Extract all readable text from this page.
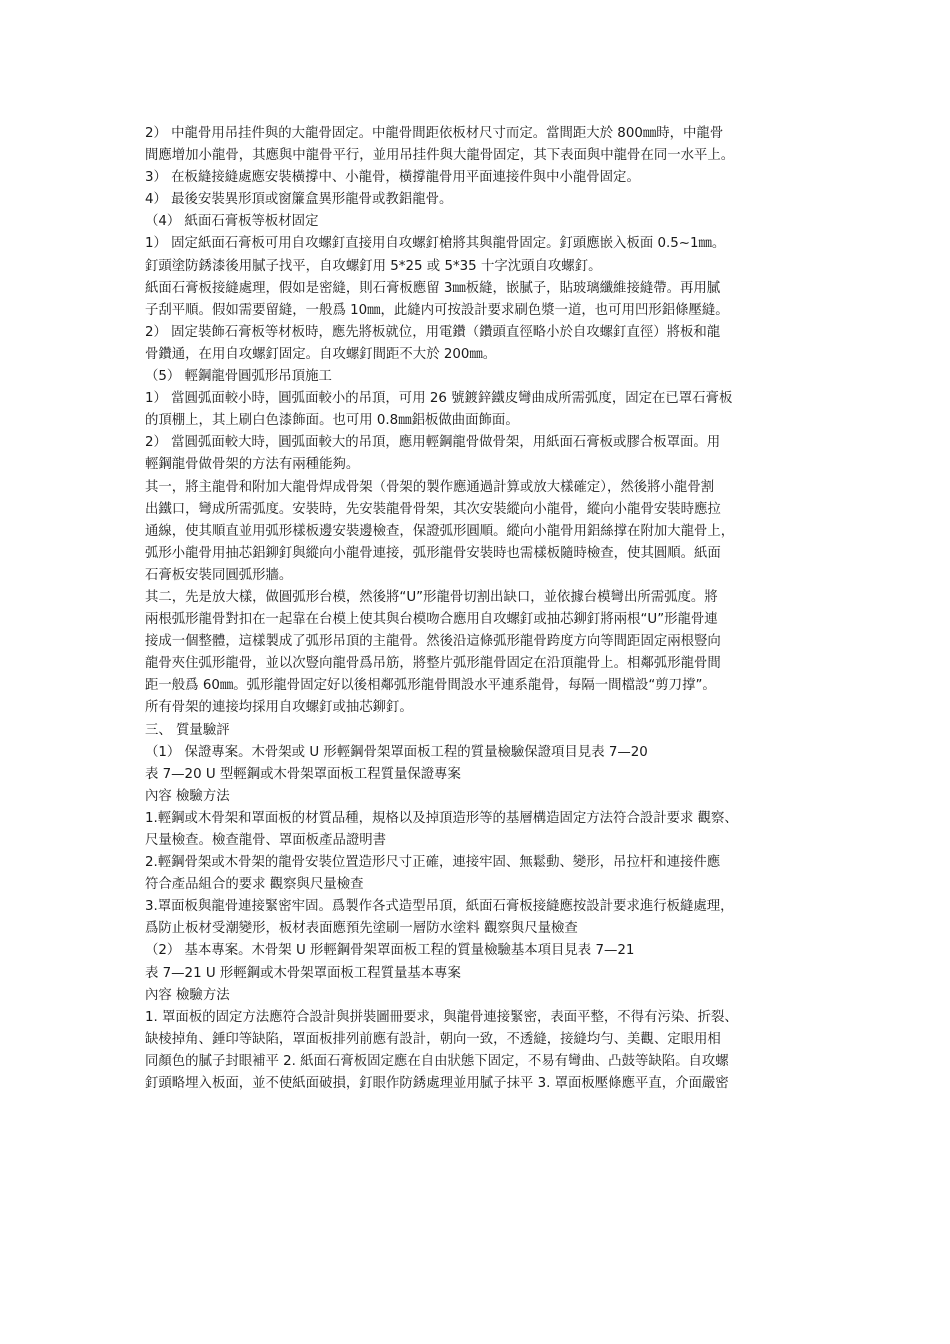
2） 中龍骨用吊挂件與的大龍骨固定。中龍骨間距依板材尺寸而定。當間距大於 800㎜時，中龍骨
間應增加小龍骨，其應與中龍骨平行，並用吊挂件與大龍骨固定，其下表面與中龍骨在同一水平上。
3） 在板縫接縫處應安裝橫撐中、小龍骨，橫撐龍骨用平面連接件與中小龍骨固定。
4） 最後安裝異形頂或窗簾盒異形龍骨或教鋁龍骨。
（4） 紙面石膏板等板材固定
1） 固定紙面石膏板可用自攻螺釘直接用自攻螺釘槍將其與龍骨固定。釘頭應嵌入板面 0.5~1㎜。
釘頭塗防銹漆後用膩子找平，自攻螺釘用 5*25 或 5*35 十字沈頭自攻螺釘。
紙面石膏板接縫處理，假如是密縫，則石膏板應留 3㎜板縫，嵌膩子，貼玻璃纖維接縫帶。再用膩
子刮平順。假如需要留縫，一般爲 10㎜，此縫内可按設計要求刷色漿一道，也可用凹形鋁條壓縫。
2） 固定裝飾石膏板等材板時，應先將板就位，用電鑽（鑽頭直徑略小於自攻螺釘直徑）將板和龍
骨鑽通，在用自攻螺釘固定。自攻螺釘間距不大於 200㎜。
（5） 輕鋼龍骨圓弧形吊頂施工
1） 當圓弧面較小時，圓弧面較小的吊頂，可用 26 號鍍鋅鐵皮彎曲成所需弧度，固定在已罩石膏板
的頂棚上，其上刷白色漆飾面。也可用 0.8㎜鋁板做曲面飾面。
2） 當圓弧面較大時，圓弧面較大的吊頂，應用輕鋼龍骨做骨架，用紙面石膏板或膠合板罩面。用
輕鋼龍骨做骨架的方法有兩種能夠。
其一，將主龍骨和附加大龍骨焊成骨架（骨架的製作應通過計算或放大樣確定），然後將小龍骨割
出鐵口，彎成所需弧度。安裝時，先安裝龍骨骨架，其次安裝縱向小龍骨，縱向小龍骨安裝時應拉
通線，使其順直並用弧形樣板邊安裝邊檢查，保證弧形圓順。縱向小龍骨用鋁絲撑在附加大龍骨上，
弧形小龍骨用抽芯鋁鉚釘與縱向小龍骨連接，弧形龍骨安裝時也需樣板隨時檢查，使其圓順。紙面
石膏板安裝同圓弧形牆。
其二，先是放大樣，做圓弧形台模，然後將“U”形龍骨切割出缺口，並依據台模彎出所需弧度。將
兩根弧形龍骨對扣在一起靠在台模上使其與台模吻合應用自攻螺釘或抽芯鉚釘將兩根“U”形龍骨連
接成一個整體，這樣製成了弧形吊頂的主龍骨。然後沿這條弧形龍骨跨度方向等間距固定兩根豎向
龍骨夾住弧形龍骨，並以次豎向龍骨爲吊筋，將整片弧形龍骨固定在沿頂龍骨上。相鄰弧形龍骨間
距一般爲 60㎜。弧形龍骨固定好以後相鄰弧形龍骨間設水平連系龍骨，每隔一間檔設“剪刀撑”。
所有骨架的連接均採用自攻螺釘或抽芯鉚釘。
三、 質量驗評
（1） 保證專案。木骨架或 U 形輕鋼骨架罩面板工程的質量檢驗保證項目見表 7—20
表 7—20 U 型輕鋼或木骨架罩面板工程質量保證專案
內容 檢驗方法
1.輕鋼或木骨架和罩面板的材質品種，規格以及掉頂造形等的基層構造固定方法符合設計要求 觀察、
尺量檢查。檢查龍骨、罩面板產品證明書
2.輕鋼骨架或木骨架的龍骨安裝位置造形尺寸正確，連接牢固、無鬆動、變形，吊拉杆和連接件應
符合產品組合的要求 觀察與尺量檢查
3.罩面板與龍骨連接緊密牢固。爲製作各式造型吊頂，紙面石膏板接縫應按設計要求進行板縫處理，
爲防止板材受潮變形，板材表面應預先塗刷一層防水塗料 觀察與尺量檢查
（2） 基本專案。木骨架 U 形輕鋼骨架罩面板工程的質量檢驗基本項目見表 7—21
表 7—21 U 形輕鋼或木骨架罩面板工程質量基本專案
內容 檢驗方法
1. 罩面板的固定方法應符合設計與拼裝圖冊要求，與龍骨連接緊密，表面平整，不得有污染、折裂、
缺棱掉角、錘印等缺陷，罩面板排列前應有設計，朝向一致，不透縫，接縫均勻、美觀、定眼用相
同顏色的膩子封眼補平 2. 紙面石膏板固定應在自由狀態下固定，不易有彎曲、凸鼓等缺陷。自攻螺
釘頭略埋入板面，並不使紙面破損，釘眼作防銹處理並用膩子抹平 3. 罩面板壓條應平直，介面嚴密
